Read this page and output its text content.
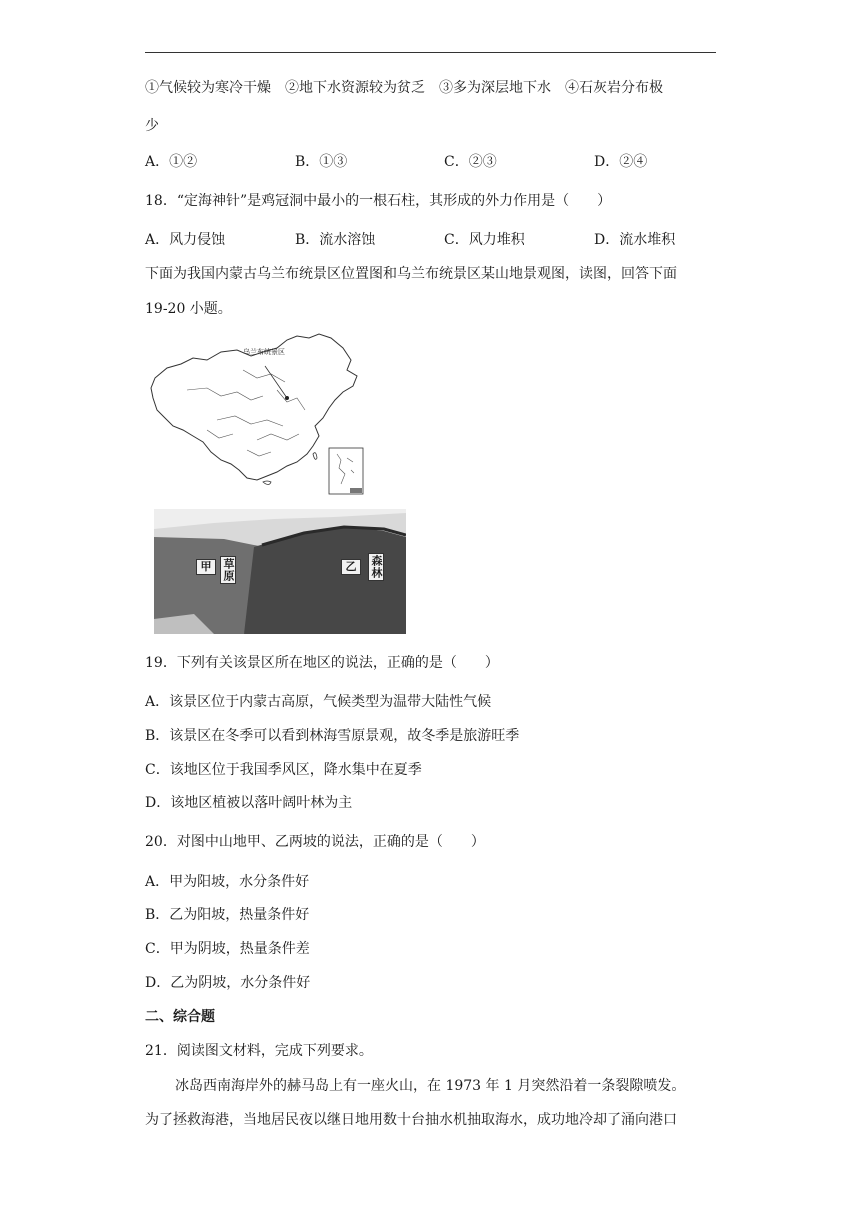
①气候较为寒冷干燥　②地下水资源较为贫乏　③多为深层地下水　④石灰岩分布极
少
A．①②	B．①③	C．②③	D．②④
18．“定海神针”是鸡冠洞中最小的一根石柱，其形成的外力作用是（　　）
A．风力侵蚀	B．流水溶蚀	C．风力堆积	D．流水堆积
下面为我国内蒙古乌兰布统景区位置图和乌兰布统景区某山地景观图，读图，回答下面
19-20 小题。
乌兰布统景区
甲 草原	乙	森林
19．下列有关该景区所在地区的说法，正确的是（　　）
A．该景区位于内蒙古高原，气候类型为温带大陆性气候
B．该景区在冬季可以看到林海雪原景观，故冬季是旅游旺季
C．该地区位于我国季风区，降水集中在夏季
D．该地区植被以落叶阔叶林为主
20．对图中山地甲、乙两坡的说法，正确的是（　　）
A．甲为阳坡，水分条件好
B．乙为阳坡，热量条件好
C．甲为阴坡，热量条件差
D．乙为阴坡，水分条件好
二、综合题
21．阅读图文材料，完成下列要求。
冰岛西南海岸外的赫马岛上有一座火山，在 1973 年 1 月突然沿着一条裂隙喷发。
为了拯救海港，当地居民夜以继日地用数十台抽水机抽取海水，成功地冷却了涌向港口
